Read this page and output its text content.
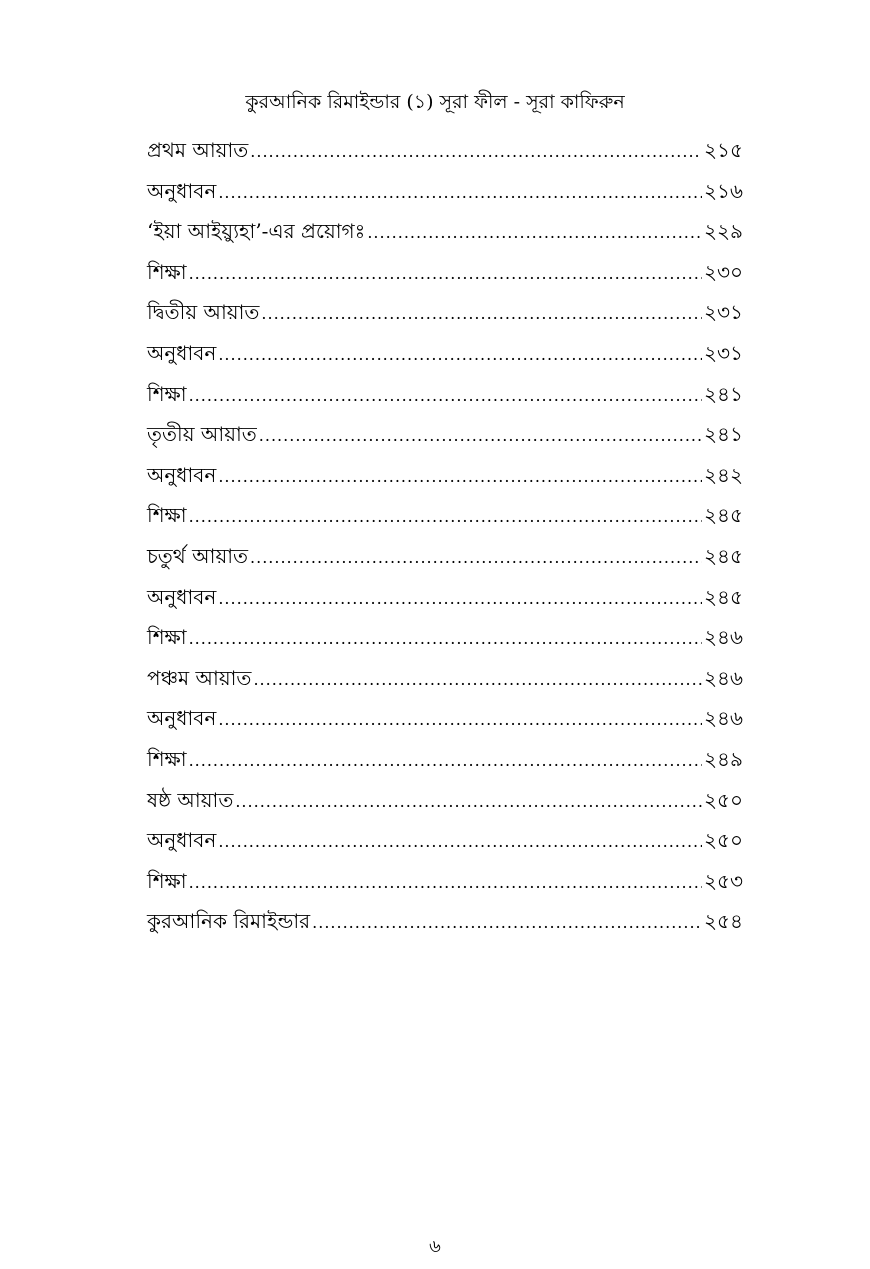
কুরআনিক রিমাইন্ডার (১) সূরা ফীল - সূরা কাফিরুন
প্রথম আয়াত .....	২১৫
অনুধাবন .....	২১৬
‘ইয়া আইয়্যুহা’-এর প্রয়োগঃ .....	২২৯
শিক্ষা .....	২৩০
দ্বিতীয় আয়াত .....	২৩১
অনুধাবন .....	২৩১
শিক্ষা .....	২৪১
তৃতীয় আয়াত .....	২৪১
অনুধাবন .....	২৪২
শিক্ষা .....	২৪৫
চতুর্থ আয়াত .....	২৪৫
অনুধাবন .....	২৪৫
শিক্ষা .....	২৪৬
পঞ্চম আয়াত .....	২৪৬
অনুধাবন .....	২৪৬
শিক্ষা .....	২৪৯
ষষ্ঠ আয়াত .....	২৫০
অনুধাবন .....	২৫০
শিক্ষা .....	২৫৩
কুরআনিক রিমাইন্ডার .....	২৫৪
৬
